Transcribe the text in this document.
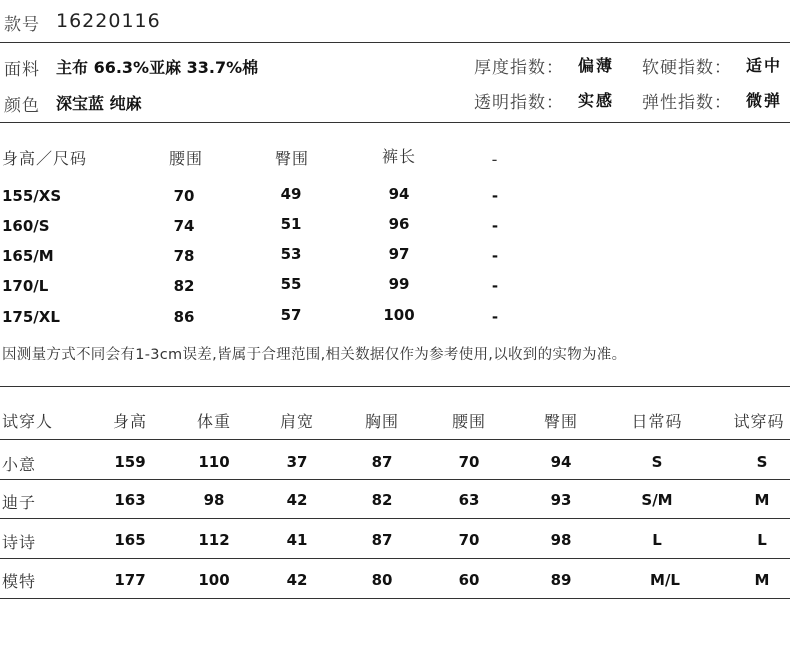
款号 16220116
面料 主布 66.3%亚麻 33.7%棉
颜色 深宝蓝 纯麻
厚度指数： 偏薄 软硬指数： 适中
透明指数： 实感 弹性指数： 微弹
身高／尺码	腰围	臀围	裤长	-
155/XS	70	49	94	-
160/S	74	51	96	-
165/M	78	53	97	-
170/L	82	55	99	-
175/XL	86	57	100	-
因测量方式不同会有1-3cm误差,皆属于合理范围,相关数据仅作为参考使用,以收到的实物为准。
试穿人	身高	体重	肩宽	胸围	腰围	臀围	日常码	试穿码
小意	159	110	37	87	70	94	S	S
迪子	163	98	42	82	63	93	S/M	M
诗诗	165	112	41	87	70	98	L	L
模特	177	100	42	80	60	89	M/L	M
